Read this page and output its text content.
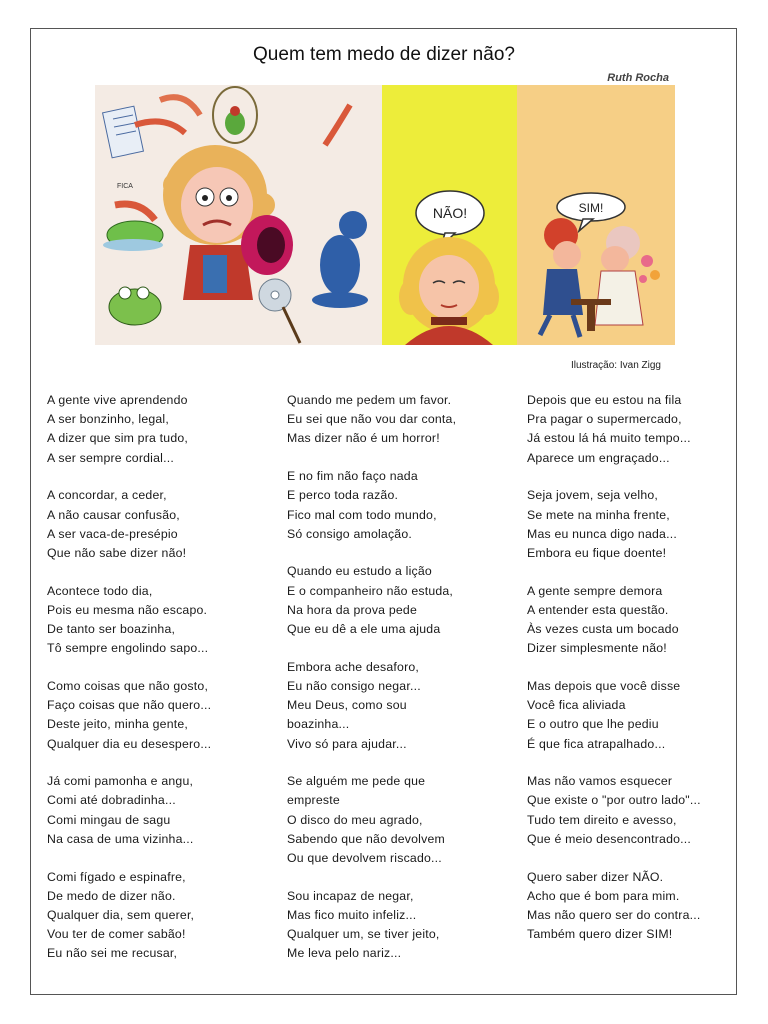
Quem tem medo de dizer não?
Ruth Rocha
FICA
NÃO!	SIM!
Ilustração: Ivan Zigg
A gente vive aprendendo
A ser bonzinho, legal,
A dizer que sim pra tudo,
A ser sempre cordial...
A concordar, a ceder,
A não causar confusão,
A ser vaca-de-presépio
Que não sabe dizer não!
Acontece todo dia,
Pois eu mesma não escapo.
De tanto ser boazinha,
Tô sempre engolindo sapo...
Como coisas que não gosto,
Faço coisas que não quero...
Deste jeito, minha gente,
Qualquer dia eu desespero...
Já comi pamonha e angu,
Comi até dobradinha...
Comi mingau de sagu
Na casa de uma vizinha...
Comi fígado e espinafre,
De medo de dizer não.
Qualquer dia, sem querer,
Vou ter de comer sabão!
Eu não sei me recusar,
Quando me pedem um favor.
Eu sei que não vou dar conta,
Mas dizer não é um horror!
E no fim não faço nada
E perco toda razão.
Fico mal com todo mundo,
Só consigo amolação.
Quando eu estudo a lição
E o companheiro não estuda,
Na hora da prova pede
Que eu dê a ele uma ajuda
Embora ache desaforo,
Eu não consigo negar...
Meu Deus, como sou
boazinha...
Vivo só para ajudar...
Se alguém me pede que
empreste
O disco do meu agrado,
Sabendo que não devolvem
Ou que devolvem riscado...
Sou incapaz de negar,
Mas fico muito infeliz...
Qualquer um, se tiver jeito,
Me leva pelo nariz...
Depois que eu estou na fila
Pra pagar o supermercado,
Já estou lá há muito tempo...
Aparece um engraçado...
Seja jovem, seja velho,
Se mete na minha frente,
Mas eu nunca digo nada...
Embora eu fique doente!
A gente sempre demora
A entender esta questão.
Às vezes custa um bocado
Dizer simplesmente não!
Mas depois que você disse
Você fica aliviada
E o outro que lhe pediu
É que fica atrapalhado...
Mas não vamos esquecer
Que existe o "por outro lado"...
Tudo tem direito e avesso,
Que é meio desencontrado...
Quero saber dizer NÃO.
Acho que é bom para mim.
Mas não quero ser do contra...
Também quero dizer SIM!
